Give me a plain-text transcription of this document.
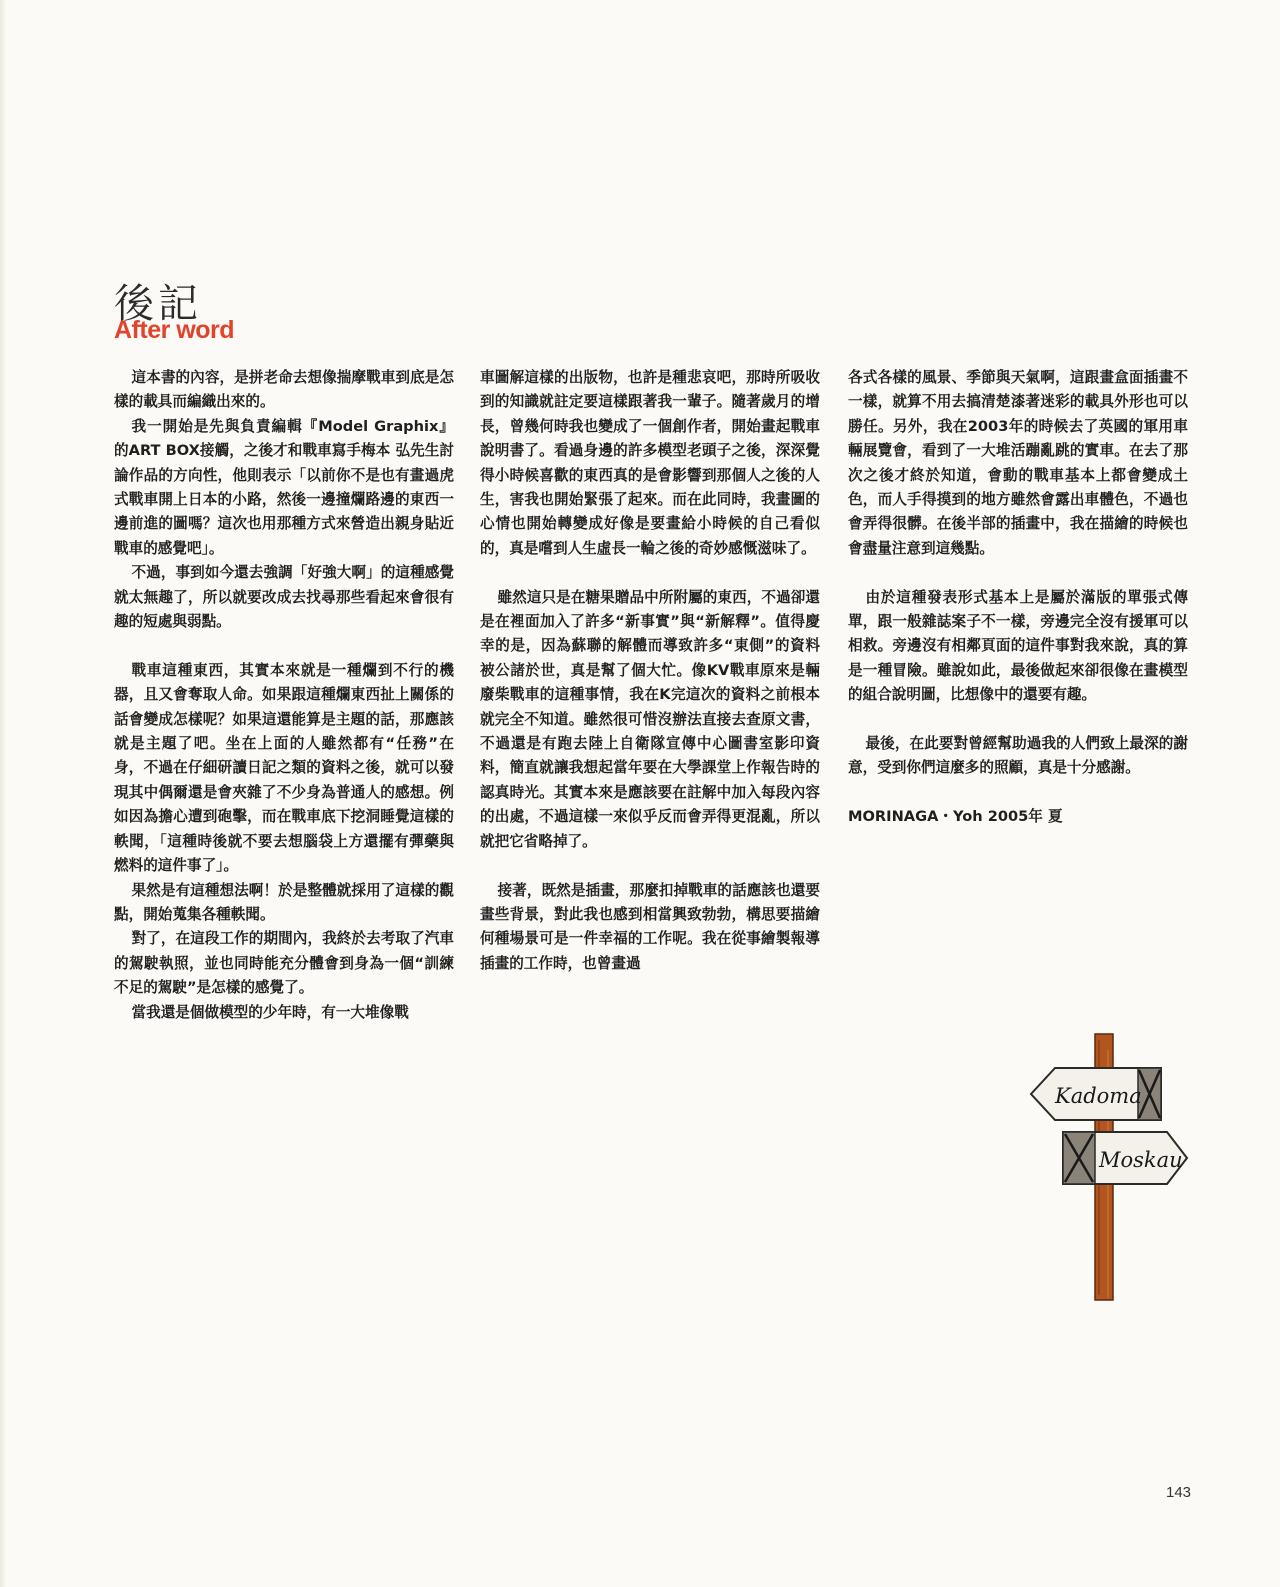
後記
After word

這本書的內容，是拼老命去想像揣摩戰車到底是怎樣的載具而編織出來的。

我一開始是先與負責編輯『Model Graphix』的ART BOX接觸，之後才和戰車寫手梅本 弘先生討論作品的方向性，他則表示「以前你不是也有畫過虎式戰車開上日本的小路，然後一邊撞爛路邊的東西一邊前進的圖嗎？這次也用那種方式來營造出親身貼近戰車的感覺吧」。

不過，事到如今還去強調「好強大啊」的這種感覺就太無趣了，所以就要改成去找尋那些看起來會很有趣的短處與弱點。

戰車這種東西，其實本來就是一種爛到不行的機器，且又會奪取人命。如果跟這種爛東西扯上關係的話會變成怎樣呢？如果這還能算是主題的話，那應該就是主題了吧。坐在上面的人雖然都有“任務”在身，不過在仔細研讀日記之類的資料之後，就可以發現其中偶爾還是會夾雜了不少身為普通人的感想。例如因為擔心遭到砲擊，而在戰車底下挖洞睡覺這樣的軼聞，「這種時後就不要去想腦袋上方還擺有彈藥與燃料的這件事了」。

果然是有這種想法啊！於是整體就採用了這樣的觀點，開始蒐集各種軼聞。

對了，在這段工作的期間內，我終於去考取了汽車的駕駛執照，並也同時能充分體會到身為一個“訓練不足的駕駛”是怎樣的感覺了。

當我還是個做模型的少年時，有一大堆像戰

車圖解這樣的出版物，也許是種悲哀吧，那時所吸收到的知識就註定要這樣跟著我一輩子。隨著歲月的增長，曾幾何時我也變成了一個創作者，開始畫起戰車說明書了。看過身邊的許多模型老頭子之後，深深覺得小時候喜歡的東西真的是會影響到那個人之後的人生，害我也開始緊張了起來。而在此同時，我畫圖的心情也開始轉變成好像是要畫給小時候的自己看似的，真是嚐到人生虛長一輪之後的奇妙感慨滋味了。

雖然這只是在糖果贈品中所附屬的東西，不過卻還是在裡面加入了許多“新事實”與“新解釋”。值得慶幸的是，因為蘇聯的解體而導致許多“東側”的資料被公諸於世，真是幫了個大忙。像KV戰車原來是輛廢柴戰車的這種事情，我在K完這次的資料之前根本就完全不知道。雖然很可惜沒辦法直接去查原文書，不過還是有跑去陸上自衛隊宣傳中心圖書室影印資料，簡直就讓我想起當年要在大學課堂上作報告時的認真時光。其實本來是應該要在註解中加入每段內容的出處，不過這樣一來似乎反而會弄得更混亂，所以就把它省略掉了。

接著，既然是插畫，那麼扣掉戰車的話應該也還要畫些背景，對此我也感到相當興致勃勃，構思要描繪何種場景可是一件幸福的工作呢。我在從事繪製報導插畫的工作時，也曾畫過

各式各樣的風景、季節與天氣啊，這跟畫盒面插畫不一樣，就算不用去搞清楚漆著迷彩的載具外形也可以勝任。另外，我在2003年的時候去了英國的軍用車輛展覽會，看到了一大堆活蹦亂跳的實車。在去了那次之後才終於知道，會動的戰車基本上都會變成土色，而人手得摸到的地方雖然會露出車體色，不過也會弄得很髒。在後半部的插畫中，我在描繪的時候也會盡量注意到這幾點。

由於這種發表形式基本上是屬於滿版的單張式傳單，跟一般雜誌案子不一樣，旁邊完全沒有援軍可以相救。旁邊沒有相鄰頁面的這件事對我來說，真的算是一種冒險。雖說如此，最後做起來卻很像在畫模型的組合說明圖，比想像中的還要有趣。

最後，在此要對曾經幫助過我的人們致上最深的謝意，受到你們這麼多的照顧，真是十分感謝。

MORINAGA・Yoh 2005年 夏

Kadoma
Moskau
143
